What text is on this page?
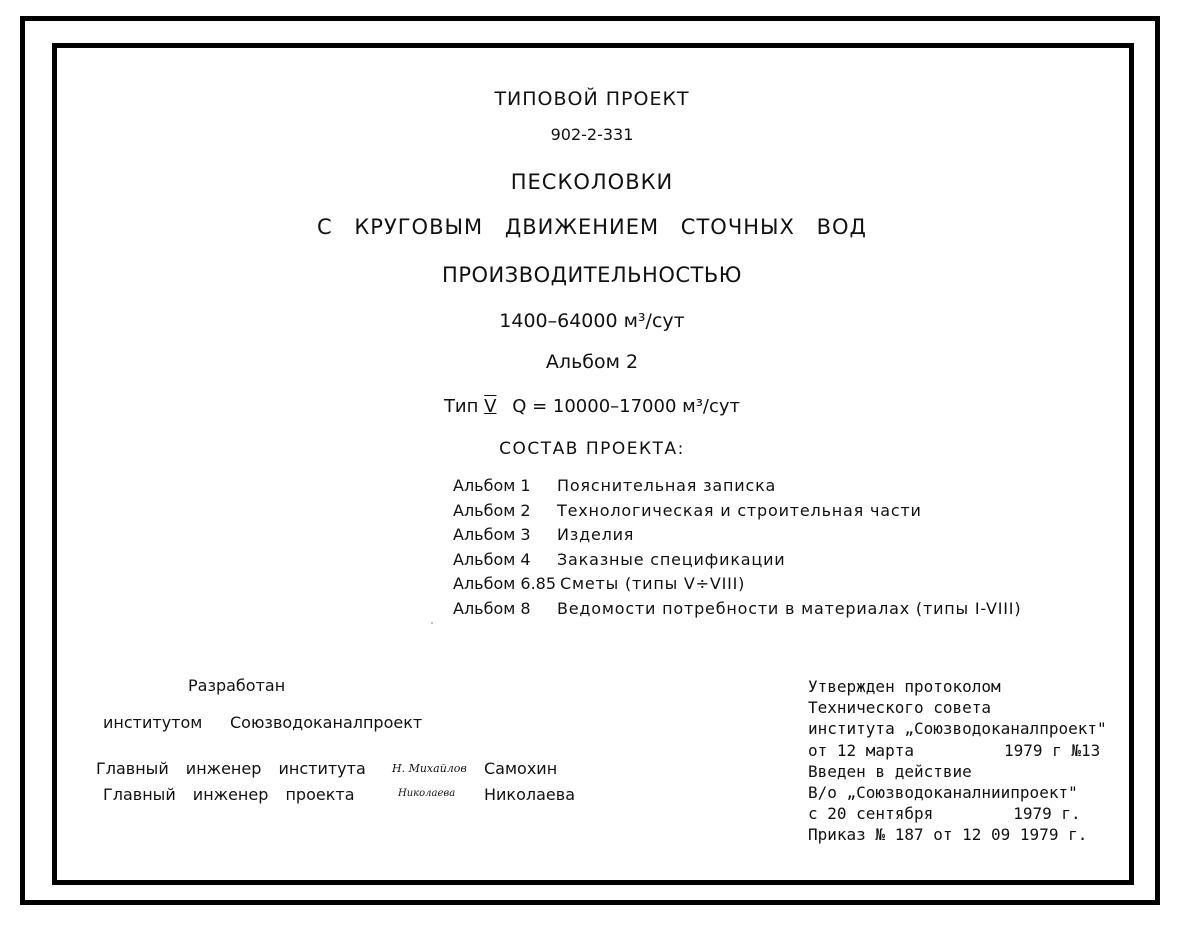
ТИПОВОЙ ПРОЕКТ
902-2-331
ПЕСКОЛОВКИ
С КРУГОВЫМ ДВИЖЕНИЕМ СТОЧНЫХ ВОД
ПРОИЗВОДИТЕЛЬНОСТЬЮ
1400–64000 м³/сут
Альбом 2
Тип V Q = 10000–17000 м³/сут
СОСТАВ ПРОЕКТА:
Альбом 1 Пояснительная записка
Альбом 2 Технологическая и строительная части
Альбом 3 Изделия
Альбом 4 Заказные спецификации
Альбом 6.85 Сметы (типы V÷VIII)
Альбом 8 Ведомости потребности в материалах (типы I-VIII)
Разработан
институтом Союзводоканалпроект
Главный инженер института Н. Михайлов Самохин
Главный инженер проекта	Николаева Николаева
Утвержден протоколом
Технического совета
института „Союзводоканалпроект"
от 12 марта	1979 г №13
Введен в действие
В/о „Союзводоканалниипроект"
с 20 сентября	1979 г.
Приказ № 187 от 12 09 1979 г.
